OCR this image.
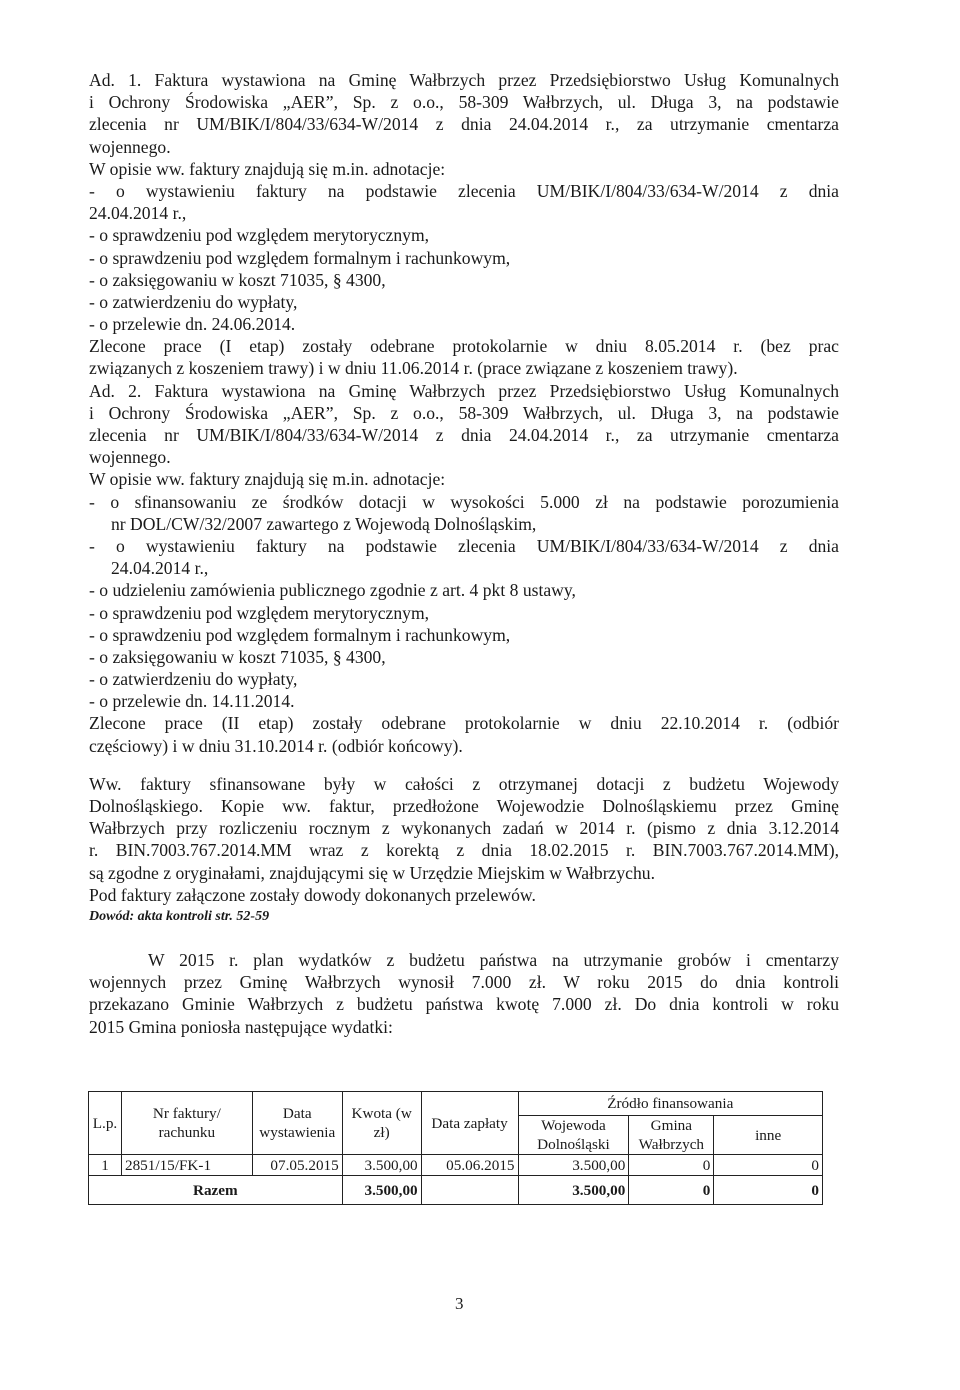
Ad. 1. Faktura wystawiona na Gminę Wałbrzych przez Przedsiębiorstwo Usług Komunalnych
i Ochrony Środowiska „AER”, Sp. z o.o., 58-309 Wałbrzych, ul. Długa 3, na podstawie
zlecenia nr UM/BIK/I/804/33/634-W/2014 z dnia 24.04.2014 r., za utrzymanie cmentarza
wojennego.
W opisie ww. faktury znajdują się m.in. adnotacje:
- o wystawieniu faktury na podstawie zlecenia UM/BIK/I/804/33/634-W/2014 z dnia
24.04.2014 r.,
- o sprawdzeniu pod względem merytorycznym,
- o sprawdzeniu pod względem formalnym i rachunkowym,
- o zaksięgowaniu w koszt 71035, § 4300,
- o zatwierdzeniu do wypłaty,
- o przelewie dn. 24.06.2014.
Zlecone prace (I etap) zostały odebrane protokolarnie w dniu 8.05.2014 r. (bez prac
związanych z koszeniem trawy) i w dniu 11.06.2014 r. (prace związane z koszeniem trawy).
Ad. 2. Faktura wystawiona na Gminę Wałbrzych przez Przedsiębiorstwo Usług Komunalnych
i Ochrony Środowiska „AER”, Sp. z o.o., 58-309 Wałbrzych, ul. Długa 3, na podstawie
zlecenia nr UM/BIK/I/804/33/634-W/2014 z dnia 24.04.2014 r., za utrzymanie cmentarza
wojennego.
W opisie ww. faktury znajdują się m.in. adnotacje:
- o sfinansowaniu ze środków dotacji w wysokości 5.000 zł na podstawie porozumienia
nr DOL/CW/32/2007 zawartego z Wojewodą Dolnośląskim,
- o wystawieniu faktury na podstawie zlecenia UM/BIK/I/804/33/634-W/2014 z dnia
24.04.2014 r.,
- o udzieleniu zamówienia publicznego zgodnie z art. 4 pkt 8 ustawy,
- o sprawdzeniu pod względem merytorycznym,
- o sprawdzeniu pod względem formalnym i rachunkowym,
- o zaksięgowaniu w koszt 71035, § 4300,
- o zatwierdzeniu do wypłaty,
- o przelewie dn. 14.11.2014.
Zlecone prace (II etap) zostały odebrane protokolarnie w dniu 22.10.2014 r. (odbiór
częściowy) i w dniu 31.10.2014 r. (odbiór końcowy).
Ww. faktury sfinansowane były w całości z otrzymanej dotacji z budżetu Wojewody
Dolnośląskiego. Kopie ww. faktur, przedłożone Wojewodzie Dolnośląskiemu przez Gminę
Wałbrzych przy rozliczeniu rocznym z wykonanych zadań w 2014 r. (pismo z dnia 3.12.2014
r. BIN.7003.767.2014.MM wraz z korektą z dnia 18.02.2015 r. BIN.7003.767.2014.MM),
są zgodne z oryginałami, znajdującymi się w Urzędzie Miejskim w Wałbrzychu.
Pod faktury załączone zostały dowody dokonanych przelewów.
Dowód: akta kontroli str. 52-59
W 2015 r. plan wydatków z budżetu państwa na utrzymanie grobów i cmentarzy
wojennych przez Gminę Wałbrzych wynosił 7.000 zł. W roku 2015 do dnia kontroli
przekazano Gminie Wałbrzych z budżetu państwa kwotę 7.000 zł. Do dnia kontroli w roku
2015 Gmina poniosła następujące wydatki:
L.p.	Nr faktury/ rachunku	Data wystawienia	Kwota (w zł)	Data zapłaty	Źródło finansowania		
					Wojewoda Dolnośląski	Gmina Wałbrzych	inne
1	2851/15/FK-1	07.05.2015	3.500,00	05.06.2015	3.500,00	0	0
Razem			3.500,00		3.500,00	0	0
3
